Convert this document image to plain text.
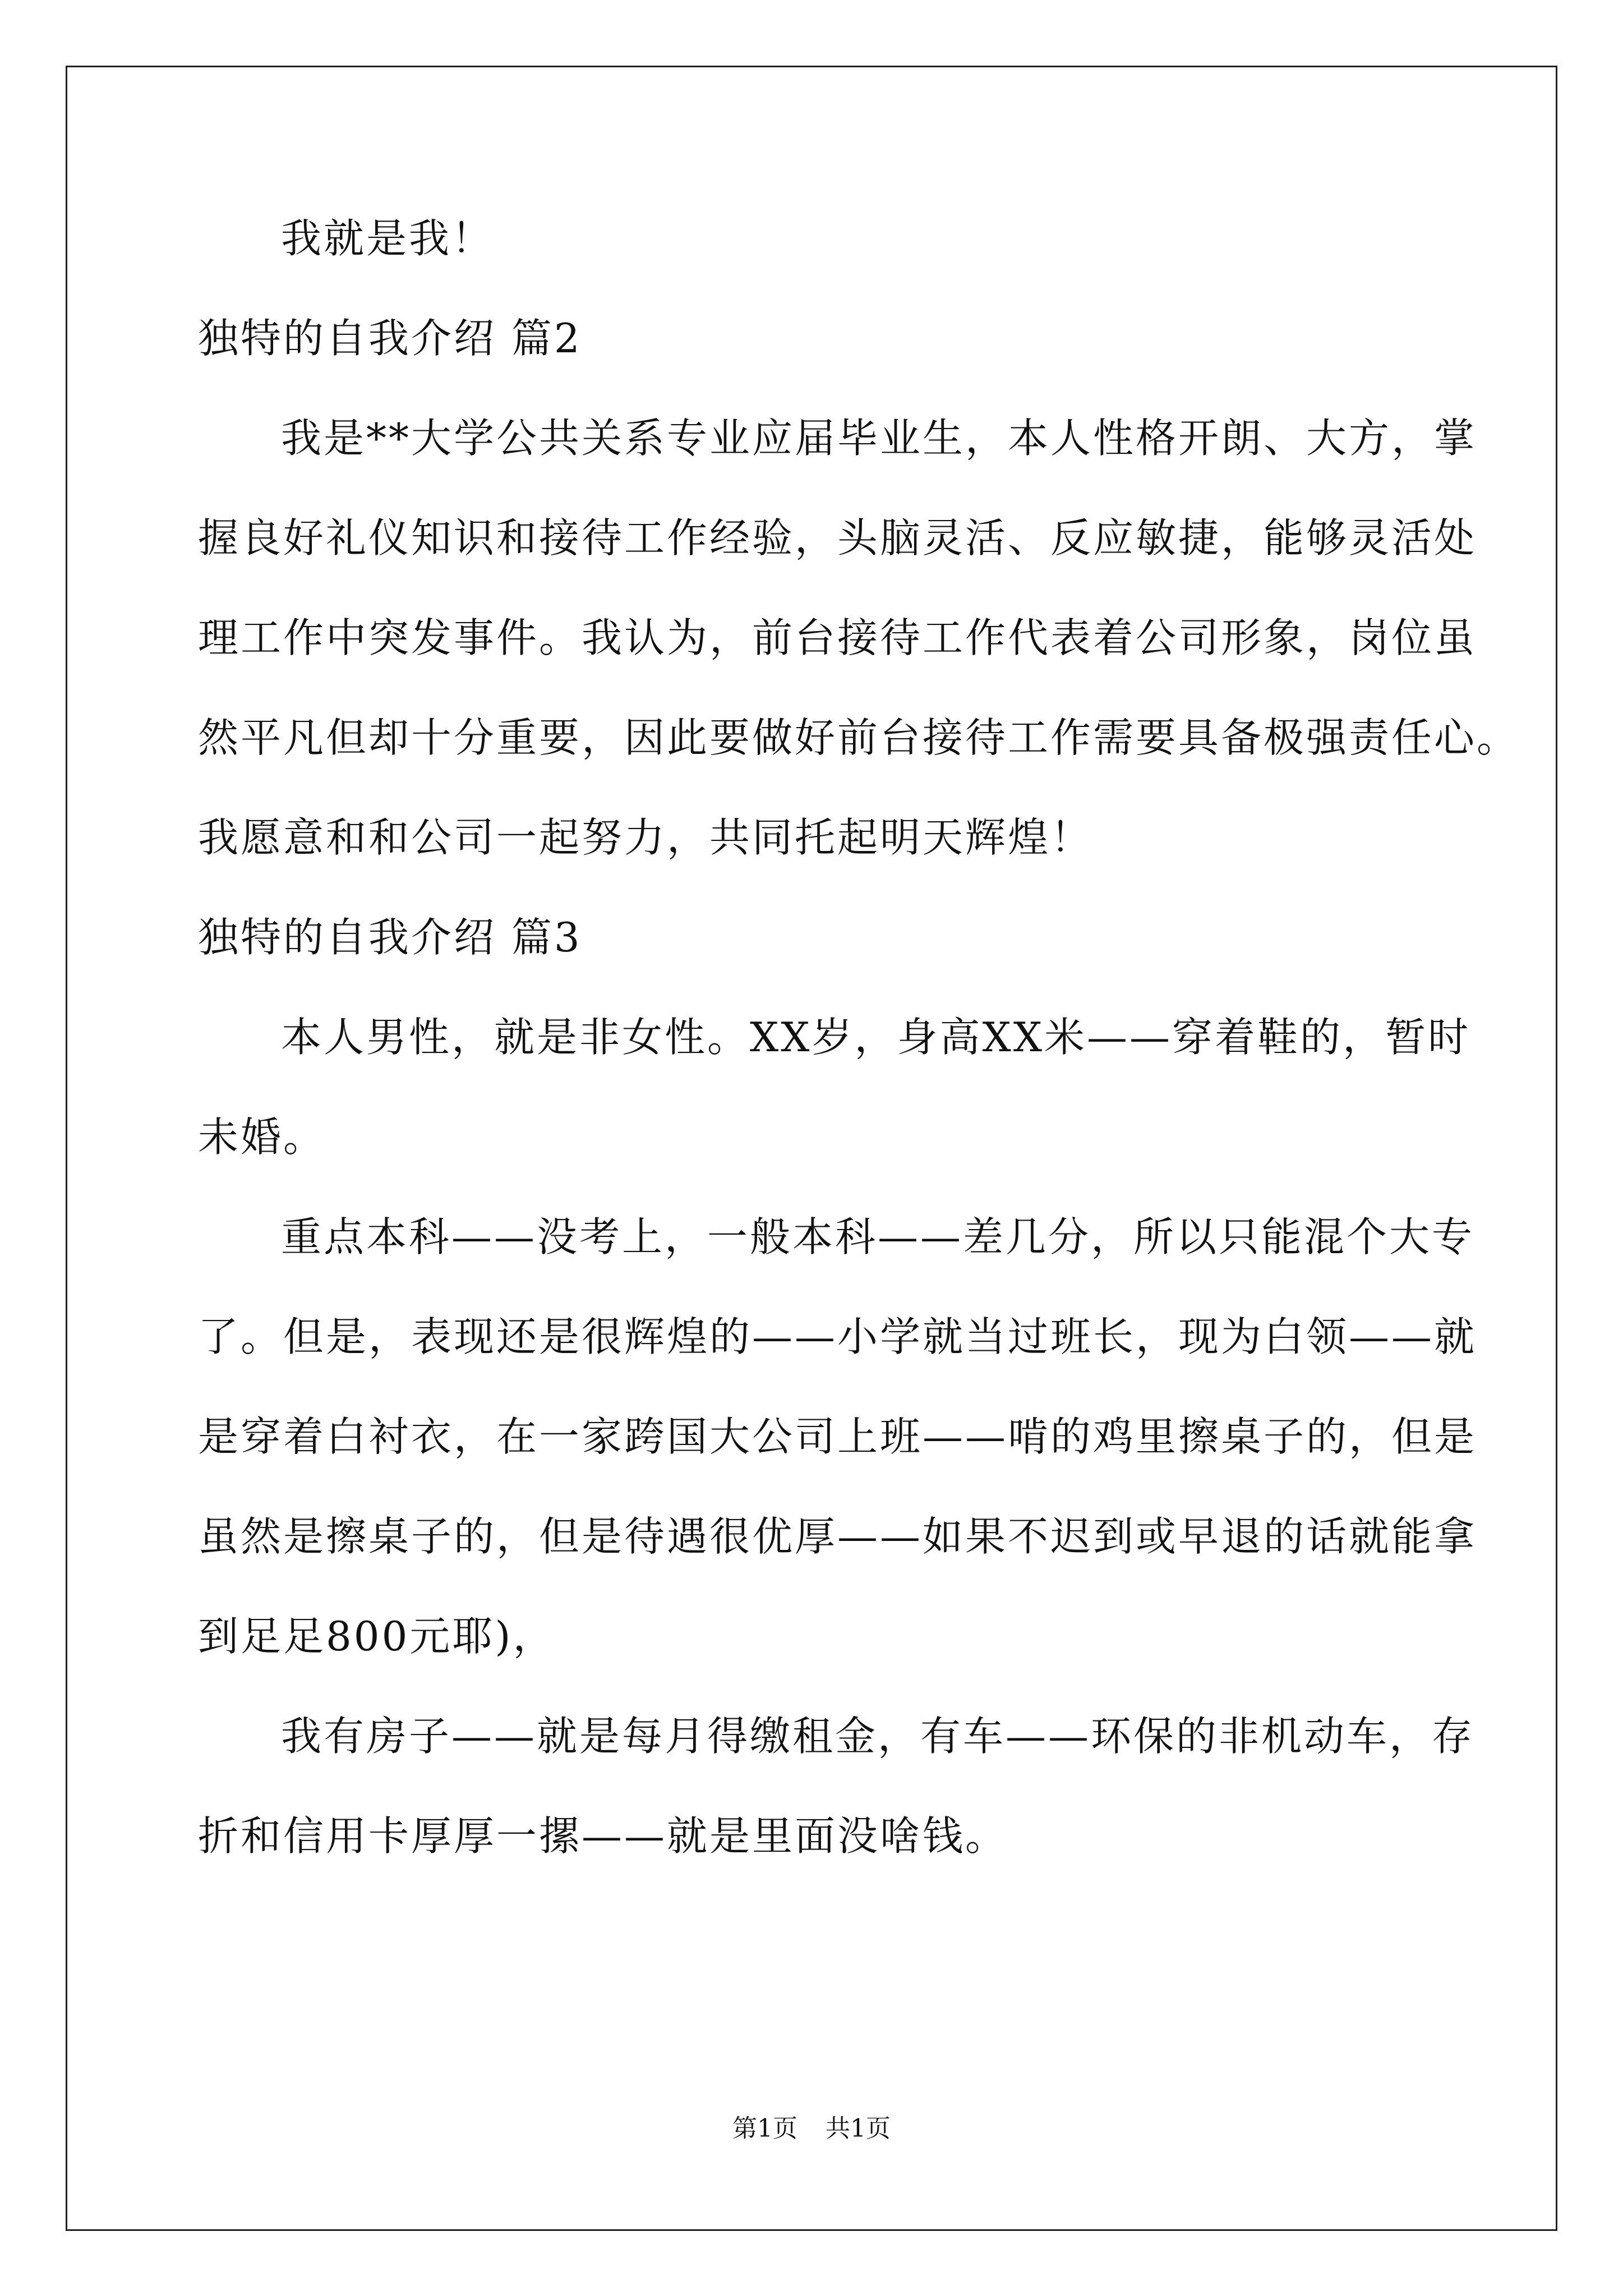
我就是我！
独特的自我介绍 篇2
我是**大学公共关系专业应届毕业生，本人性格开朗、大方，掌
握良好礼仪知识和接待工作经验，头脑灵活、反应敏捷，能够灵活处
理工作中突发事件。我认为，前台接待工作代表着公司形象，岗位虽
然平凡但却十分重要，因此要做好前台接待工作需要具备极强责任心。
我愿意和和公司一起努力，共同托起明天辉煌！
独特的自我介绍 篇3
本人男性，就是非女性。XX岁，身高XX米——穿着鞋的，暂时
未婚。
重点本科——没考上，一般本科——差几分，所以只能混个大专
了。但是，表现还是很辉煌的——小学就当过班长，现为白领——就
是穿着白衬衣，在一家跨国大公司上班——啃的鸡里擦桌子的，但是
虽然是擦桌子的，但是待遇很优厚——如果不迟到或早退的话就能拿
到足足800元耶)，
我有房子——就是每月得缴租金，有车——环保的非机动车，存
折和信用卡厚厚一摞——就是里面没啥钱。
第1页 共1页
